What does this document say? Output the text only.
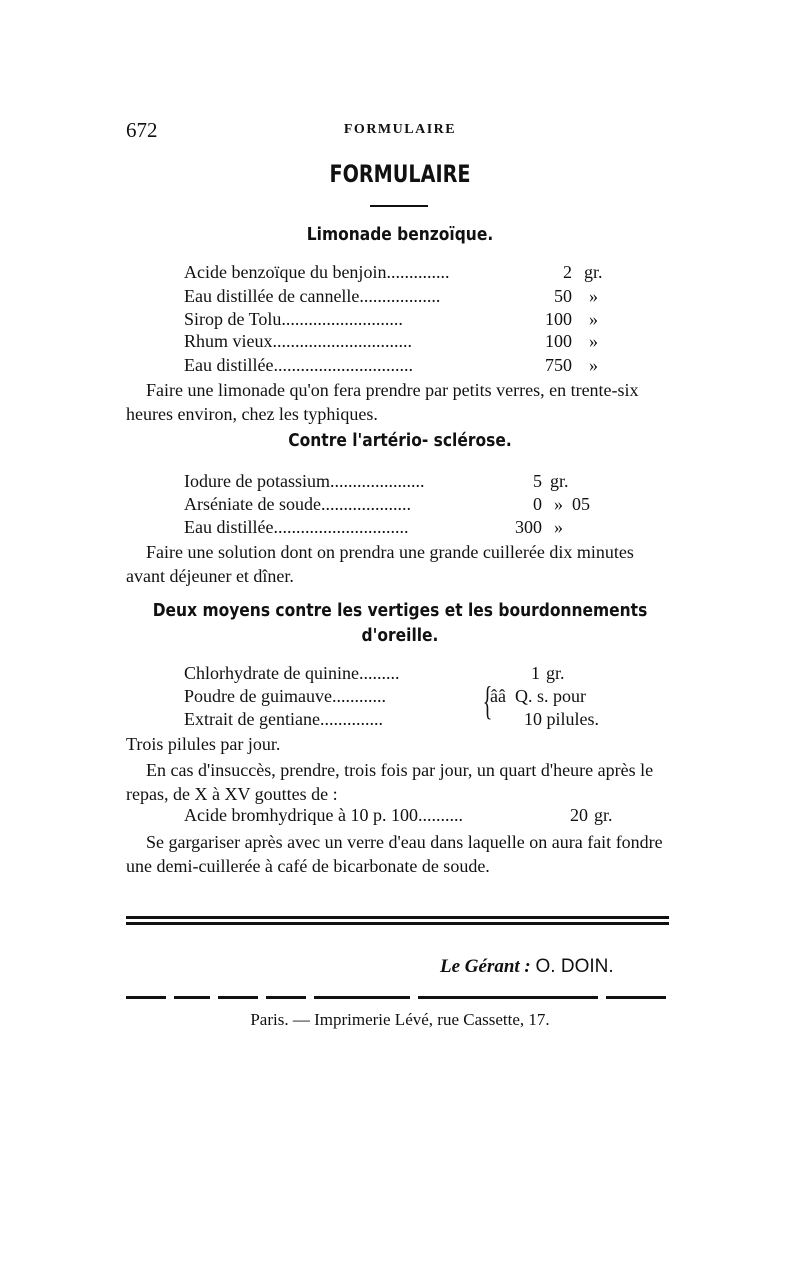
672	FORMULAIRE
FORMULAIRE
Limonade benzoïque.
Acide benzoïque du benjoin..............	2 gr.
Eau distillée de cannelle..................	50 »
Sirop de Tolu...........................	100 »
Rhum vieux...............................	100 »
Eau distillée...............................	750 »
Faire une limonade qu'on fera prendre par petits verres, en trente-six heures environ, chez les typhiques.
Contre l'artério- sclérose.
Iodure de potassium.....................	5 gr.
Arséniate de soude....................	0 »  05
Eau distillée..............................	300 »
Faire une solution dont on prendra une grande cuillerée dix minutes avant déjeuner et dîner.
Deux moyens contre les vertiges et les bourdonnements
d'oreille.
Chlorhydrate de quinine.........	1 gr.
Poudre de guimauve............	ââ  Q. s. pour
Extrait de gentiane..............	10 pilules.
{
Trois pilules par jour.
En cas d'insuccès, prendre, trois fois par jour, un quart d'heure après le repas, de X à XV gouttes de :
Acide bromhydrique à 10 p. 100..........	20 gr.
Se gargariser après avec un verre d'eau dans laquelle on aura fait fondre une demi-cuillerée à café de bicarbonate de soude.
Le Gérant : O. DOIN.
Paris. — Imprimerie Lévé, rue Cassette, 17.
